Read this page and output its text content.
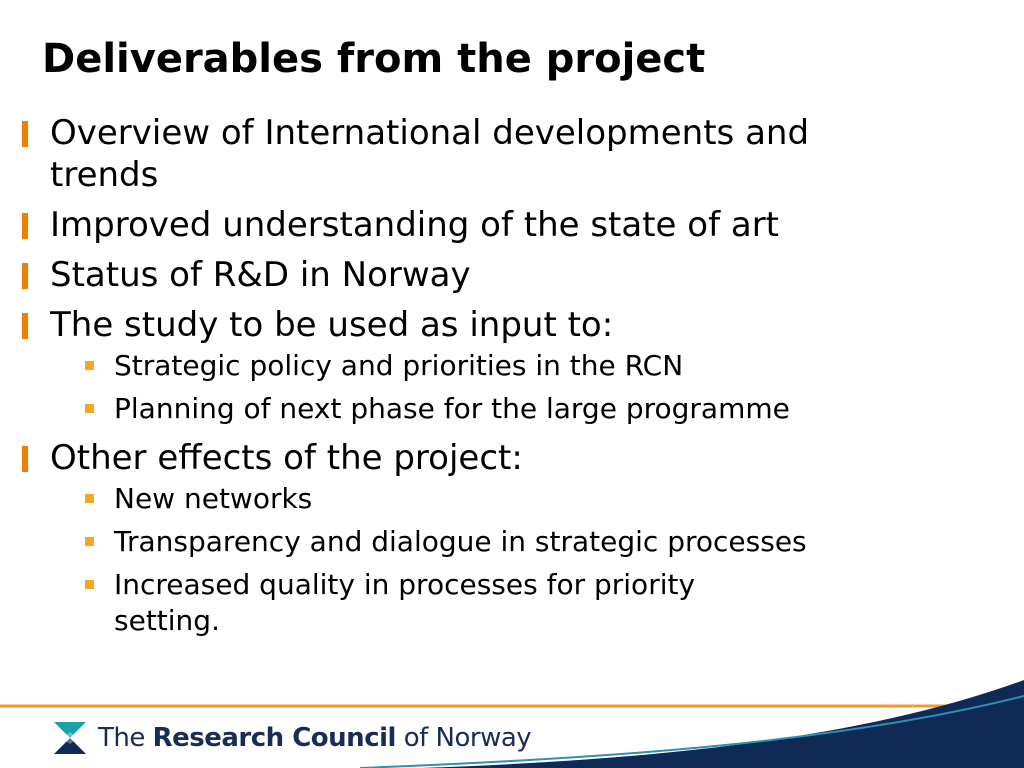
Deliverables from the project
Overview of International developments and
trends
Improved understanding of the state of art
Status of R&D in Norway
The study to be used as input to:
Strategic policy and priorities in the RCN
Planning of next phase for the large programme
Other effects of the project:
New networks
Transparency and dialogue in strategic processes
Increased quality in processes for priority
setting.
The Research Council of Norway
